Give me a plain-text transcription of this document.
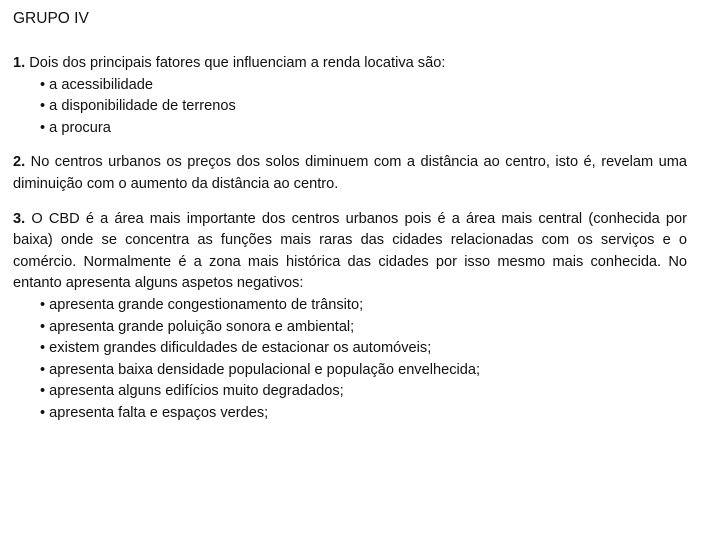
GRUPO IV
1. Dois dos principais fatores que influenciam a renda locativa são:
• a acessibilidade
• a disponibilidade de terrenos
• a procura
2. No centros urbanos os preços dos solos diminuem com a distância ao centro, isto é, revelam uma diminuição com o aumento da distância ao centro.
3. O CBD é a área mais importante dos centros urbanos pois é a área mais central (conhecida por baixa) onde se concentra as funções mais raras das cidades relacionadas com os serviços e o comércio. Normalmente é a zona mais histórica das cidades por isso mesmo mais conhecida. No entanto apresenta alguns aspetos negativos:
• apresenta grande congestionamento de trânsito;
• apresenta grande poluição sonora e ambiental;
• existem grandes dificuldades de estacionar os automóveis;
• apresenta baixa densidade populacional e população envelhecida;
• apresenta alguns edifícios muito degradados;
• apresenta falta e espaços verdes;
